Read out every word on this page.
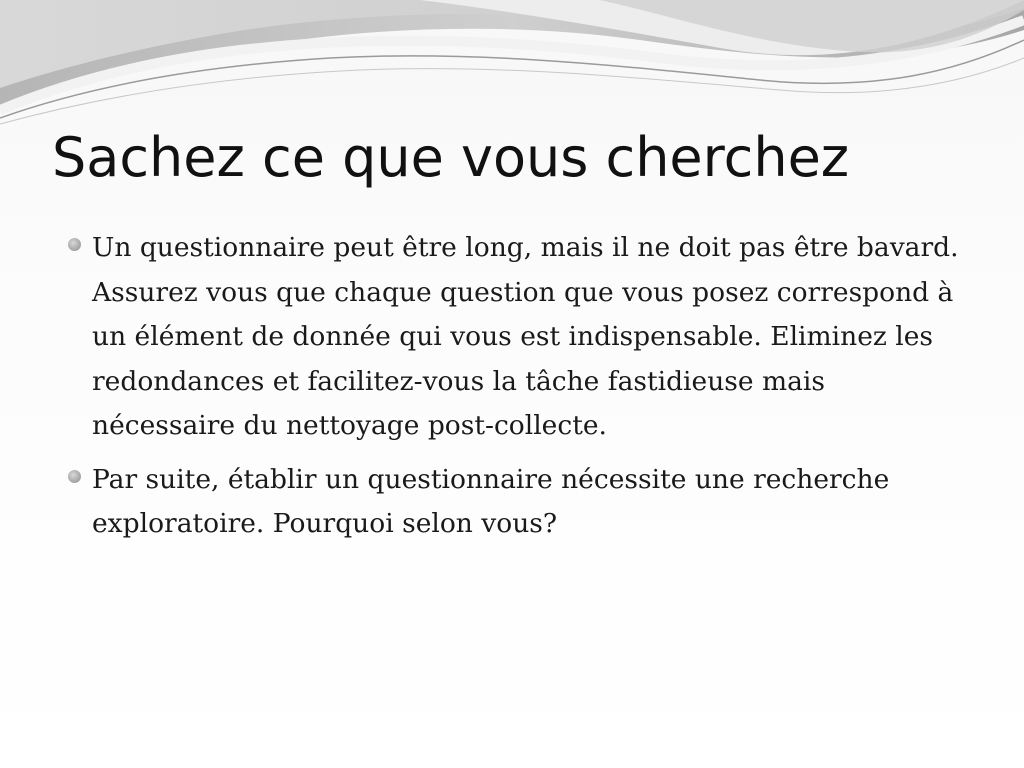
Sachez ce que vous cherchez
Un questionnaire peut être long, mais il ne doit pas être bavard. Assurez vous que chaque question que vous posez correspond à un élément de donnée qui vous est indispensable. Eliminez les redondances et facilitez-vous la tâche fastidieuse mais nécessaire du nettoyage post-collecte.
Par suite, établir un questionnaire nécessite une recherche exploratoire. Pourquoi selon vous?
